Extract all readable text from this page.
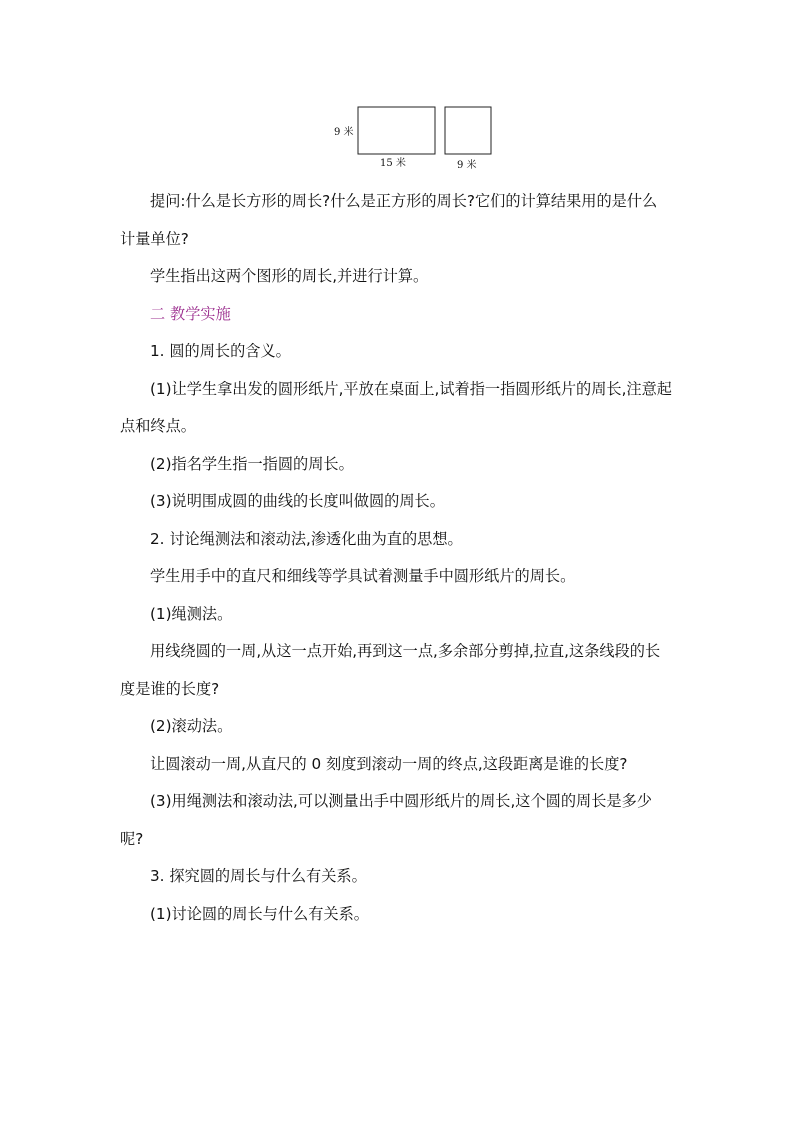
9 米
15 米	9 米

提问:什么是长方形的周长?什么是正方形的周长?它们的计算结果用的是什么计量单位?

学生指出这两个图形的周长,并进行计算。

二 教学实施

1. 圆的周长的含义。

(1)让学生拿出发的圆形纸片,平放在桌面上,试着指一指圆形纸片的周长,注意起点和终点。

(2)指名学生指一指圆的周长。

(3)说明围成圆的曲线的长度叫做圆的周长。

2. 讨论绳测法和滚动法,渗透化曲为直的思想。

学生用手中的直尺和细线等学具试着测量手中圆形纸片的周长。

(1)绳测法。

用线绕圆的一周,从这一点开始,再到这一点,多余部分剪掉,拉直,这条线段的长度是谁的长度?

(2)滚动法。

让圆滚动一周,从直尺的 0 刻度到滚动一周的终点,这段距离是谁的长度?

(3)用绳测法和滚动法,可以测量出手中圆形纸片的周长,这个圆的周长是多少呢?

3. 探究圆的周长与什么有关系。

(1)讨论圆的周长与什么有关系。
